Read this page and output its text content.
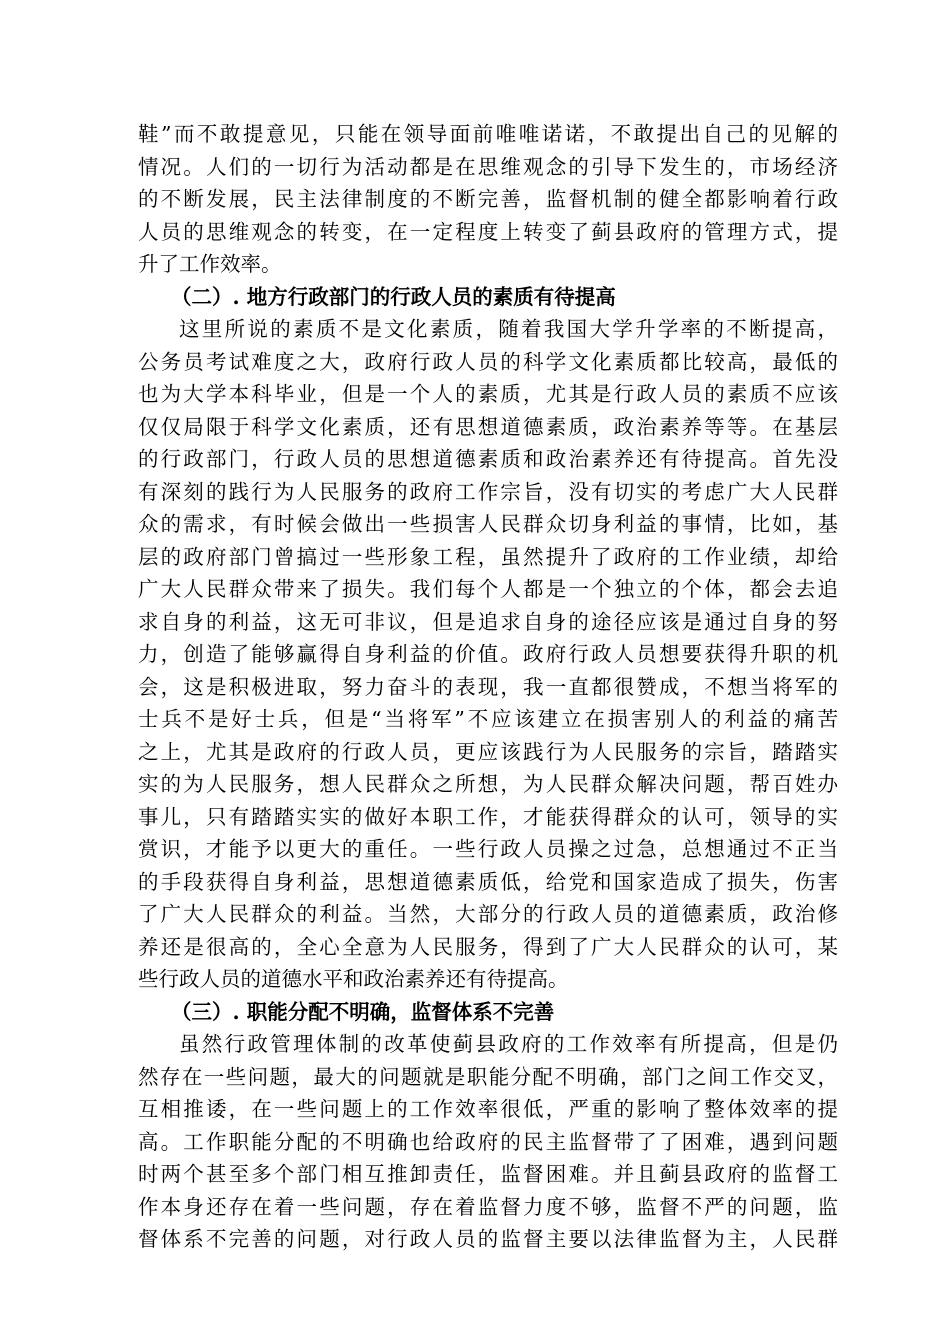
鞋”而不敢提意见，只能在领导面前唯唯诺诺，不敢提出自己的见解的
情况。人们的一切行为活动都是在思维观念的引导下发生的，市场经济
的不断发展，民主法律制度的不断完善，监督机制的健全都影响着行政
人员的思维观念的转变，在一定程度上转变了蓟县政府的管理方式，提
升了工作效率。
（二）. 地方行政部门的行政人员的素质有待提高
这里所说的素质不是文化素质，随着我国大学升学率的不断提高，
公务员考试难度之大，政府行政人员的科学文化素质都比较高，最低的
也为大学本科毕业，但是一个人的素质，尤其是行政人员的素质不应该
仅仅局限于科学文化素质，还有思想道德素质，政治素养等等。在基层
的行政部门，行政人员的思想道德素质和政治素养还有待提高。首先没
有深刻的践行为人民服务的政府工作宗旨，没有切实的考虑广大人民群
众的需求，有时候会做出一些损害人民群众切身利益的事情，比如，基
层的政府部门曾搞过一些形象工程，虽然提升了政府的工作业绩，却给
广大人民群众带来了损失。我们每个人都是一个独立的个体，都会去追
求自身的利益，这无可非议，但是追求自身的途径应该是通过自身的努
力，创造了能够赢得自身利益的价值。政府行政人员想要获得升职的机
会，这是积极进取，努力奋斗的表现，我一直都很赞成，不想当将军的
士兵不是好士兵，但是“当将军”不应该建立在损害别人的利益的痛苦
之上，尤其是政府的行政人员，更应该践行为人民服务的宗旨，踏踏实
实的为人民服务，想人民群众之所想，为人民群众解决问题，帮百姓办
事儿，只有踏踏实实的做好本职工作，才能获得群众的认可，领导的实
赏识，才能予以更大的重任。一些行政人员操之过急，总想通过不正当
的手段获得自身利益，思想道德素质低，给党和国家造成了损失，伤害
了广大人民群众的利益。当然，大部分的行政人员的道德素质，政治修
养还是很高的，全心全意为人民服务，得到了广大人民群众的认可，某
些行政人员的道德水平和政治素养还有待提高。
（三）. 职能分配不明确，监督体系不完善
虽然行政管理体制的改革使蓟县政府的工作效率有所提高，但是仍
然存在一些问题，最大的问题就是职能分配不明确，部门之间工作交叉，
互相推诿，在一些问题上的工作效率很低，严重的影响了整体效率的提
高。工作职能分配的不明确也给政府的民主监督带了了困难，遇到问题
时两个甚至多个部门相互推卸责任，监督困难。并且蓟县政府的监督工
作本身还存在着一些问题，存在着监督力度不够，监督不严的问题，监
督体系不完善的问题，对行政人员的监督主要以法律监督为主，人民群
